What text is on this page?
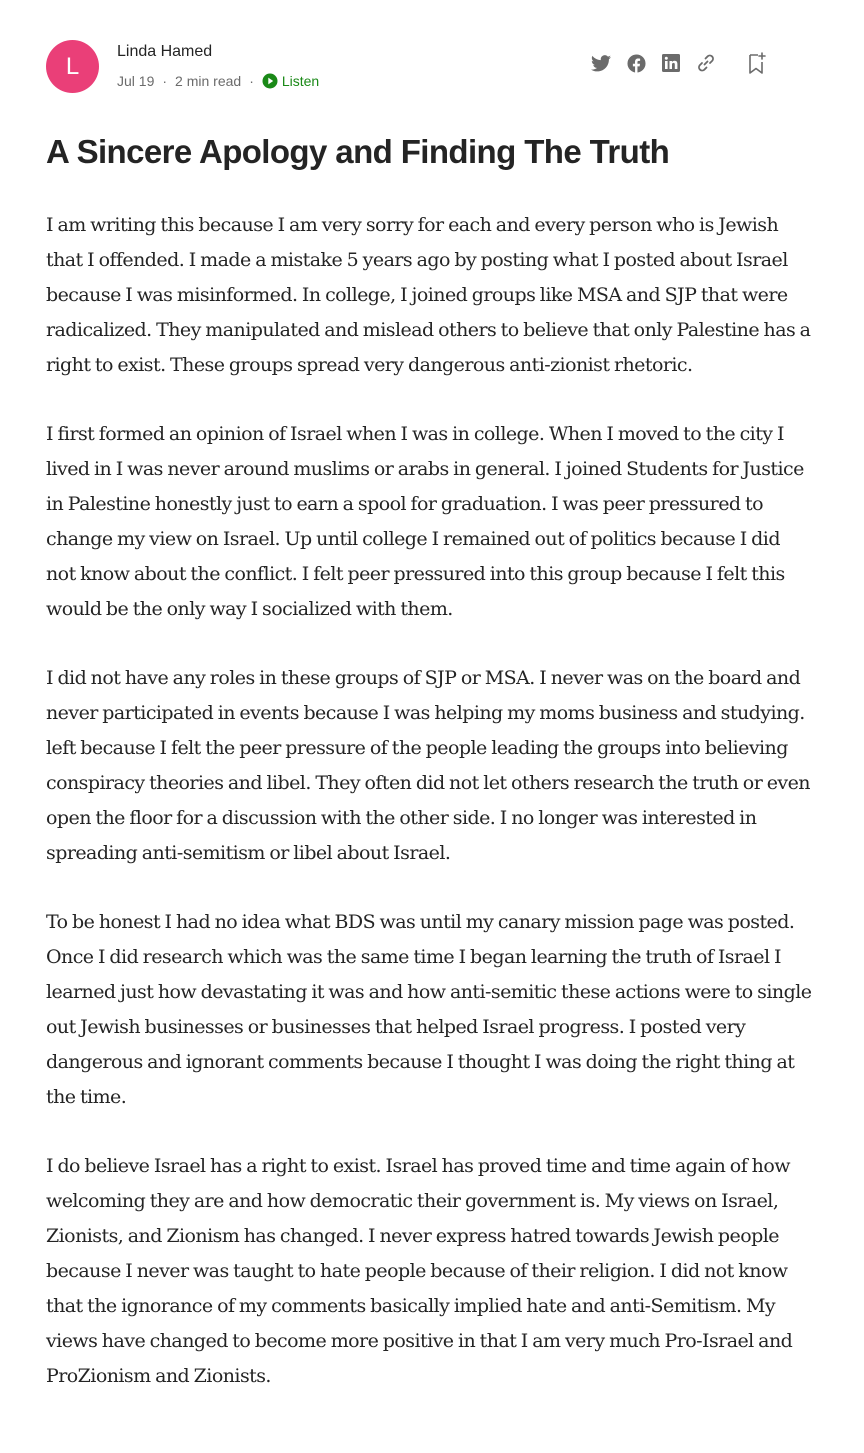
L
Linda Hamed
Jul 19 · 2 min read · Listen
A Sincere Apology and Finding The Truth

I am writing this because I am very sorry for each and every person who is Jewish that I offended. I made a mistake 5 years ago by posting what I posted about Israel because I was misinformed. In college, I joined groups like MSA and SJP that were radicalized. They manipulated and mislead others to believe that only Palestine has a right to exist. These groups spread very dangerous anti-zionist rhetoric.

I first formed an opinion of Israel when I was in college. When I moved to the city I lived in I was never around muslims or arabs in general. I joined Students for Justice in Palestine honestly just to earn a spool for graduation. I was peer pressured to change my view on Israel. Up until college I remained out of politics because I did not know about the conflict. I felt peer pressured into this group because I felt this would be the only way I socialized with them.

I did not have any roles in these groups of SJP or MSA. I never was on the board and never participated in events because I was helping my moms business and studying. left because I felt the peer pressure of the people leading the groups into believing conspiracy theories and libel. They often did not let others research the truth or even open the floor for a discussion with the other side. I no longer was interested in spreading anti-semitism or libel about Israel.

To be honest I had no idea what BDS was until my canary mission page was posted. Once I did research which was the same time I began learning the truth of Israel I learned just how devastating it was and how anti-semitic these actions were to single out Jewish businesses or businesses that helped Israel progress. I posted very dangerous and ignorant comments because I thought I was doing the right thing at the time.

I do believe Israel has a right to exist. Israel has proved time and time again of how welcoming they are and how democratic their government is. My views on Israel, Zionists, and Zionism has changed. I never express hatred towards Jewish people because I never was taught to hate people because of their religion. I did not know that the ignorance of my comments basically implied hate and anti-Semitism. My views have changed to become more positive in that I am very much Pro-Israel and ProZionism and Zionists.
